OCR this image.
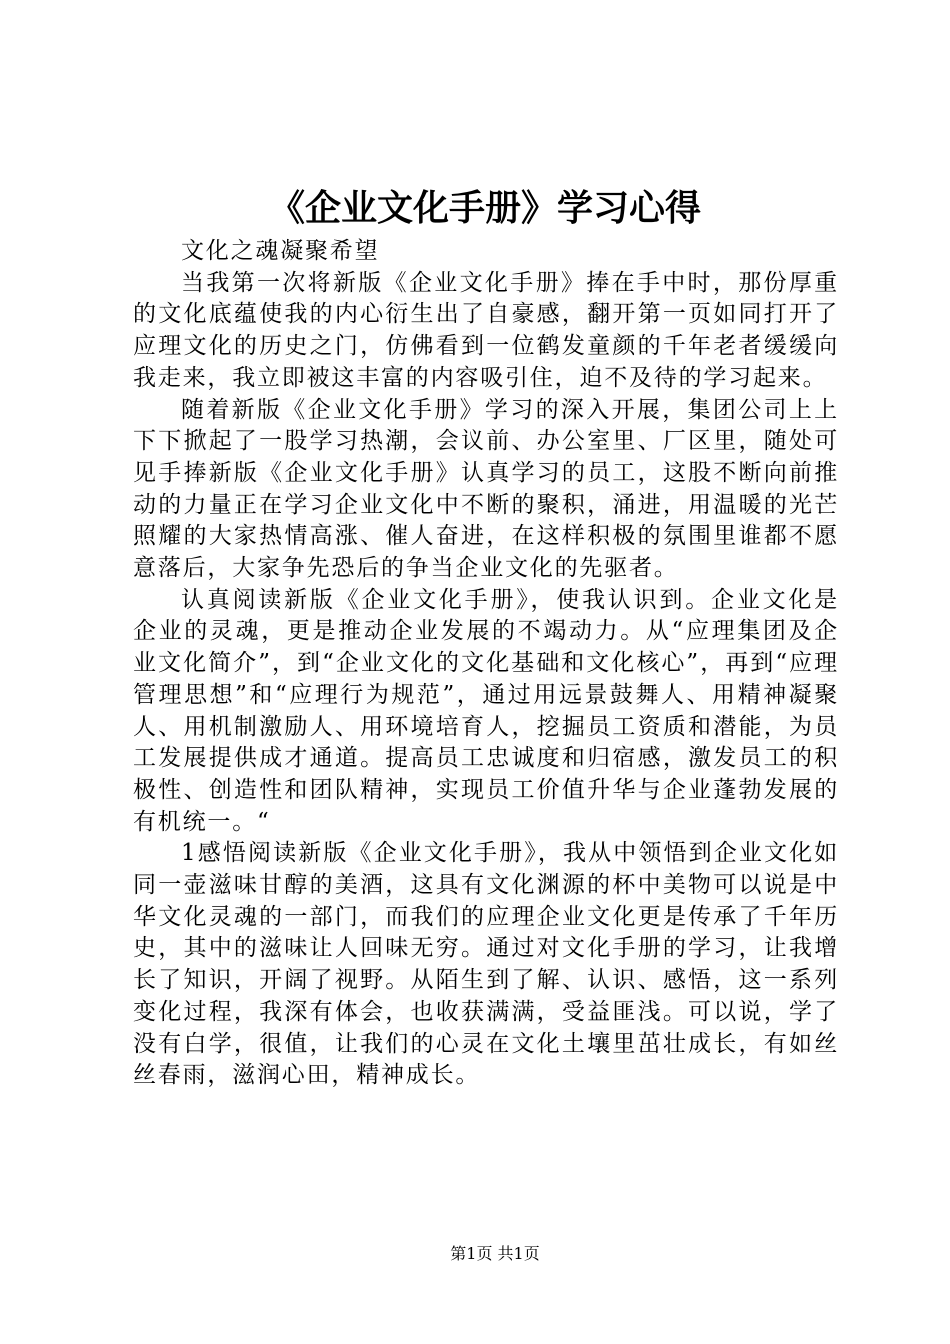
《企业文化手册》学习心得

文化之魂凝聚希望

当我第一次将新版《企业文化手册》捧在手中时，那份厚重的文化底蕴使我的内心衍生出了自豪感，翻开第一页如同打开了应理文化的历史之门，仿佛看到一位鹤发童颜的千年老者缓缓向我走来，我立即被这丰富的内容吸引住，迫不及待的学习起来。

随着新版《企业文化手册》学习的深入开展，集团公司上上下下掀起了一股学习热潮，会议前、办公室里、厂区里，随处可见手捧新版《企业文化手册》认真学习的员工，这股不断向前推动的力量正在学习企业文化中不断的聚积，涌进，用温暖的光芒照耀的大家热情高涨、催人奋进，在这样积极的氛围里谁都不愿意落后，大家争先恐后的争当企业文化的先驱者。

认真阅读新版《企业文化手册》，使我认识到。企业文化是企业的灵魂，更是推动企业发展的不竭动力。从“应理集团及企业文化简介”，到“企业文化的文化基础和文化核心”，再到“应理管理思想”和“应理行为规范”，通过用远景鼓舞人、用精神凝聚人、用机制激励人、用环境培育人，挖掘员工资质和潜能，为员工发展提供成才通道。提高员工忠诚度和归宿感，激发员工的积极性、创造性和团队精神，实现员工价值升华与企业蓬勃发展的有机统一。“

1感悟阅读新版《企业文化手册》，我从中领悟到企业文化如同一壶滋味甘醇的美酒，这具有文化渊源的杯中美物可以说是中华文化灵魂的一部门，而我们的应理企业文化更是传承了千年历史，其中的滋味让人回味无穷。通过对文化手册的学习，让我增长了知识，开阔了视野。从陌生到了解、认识、感悟，这一系列变化过程，我深有体会，也收获满满，受益匪浅。可以说，学了没有白学，很值，让我们的心灵在文化土壤里茁壮成长，有如丝丝春雨，滋润心田，精神成长。

第1页 共1页
